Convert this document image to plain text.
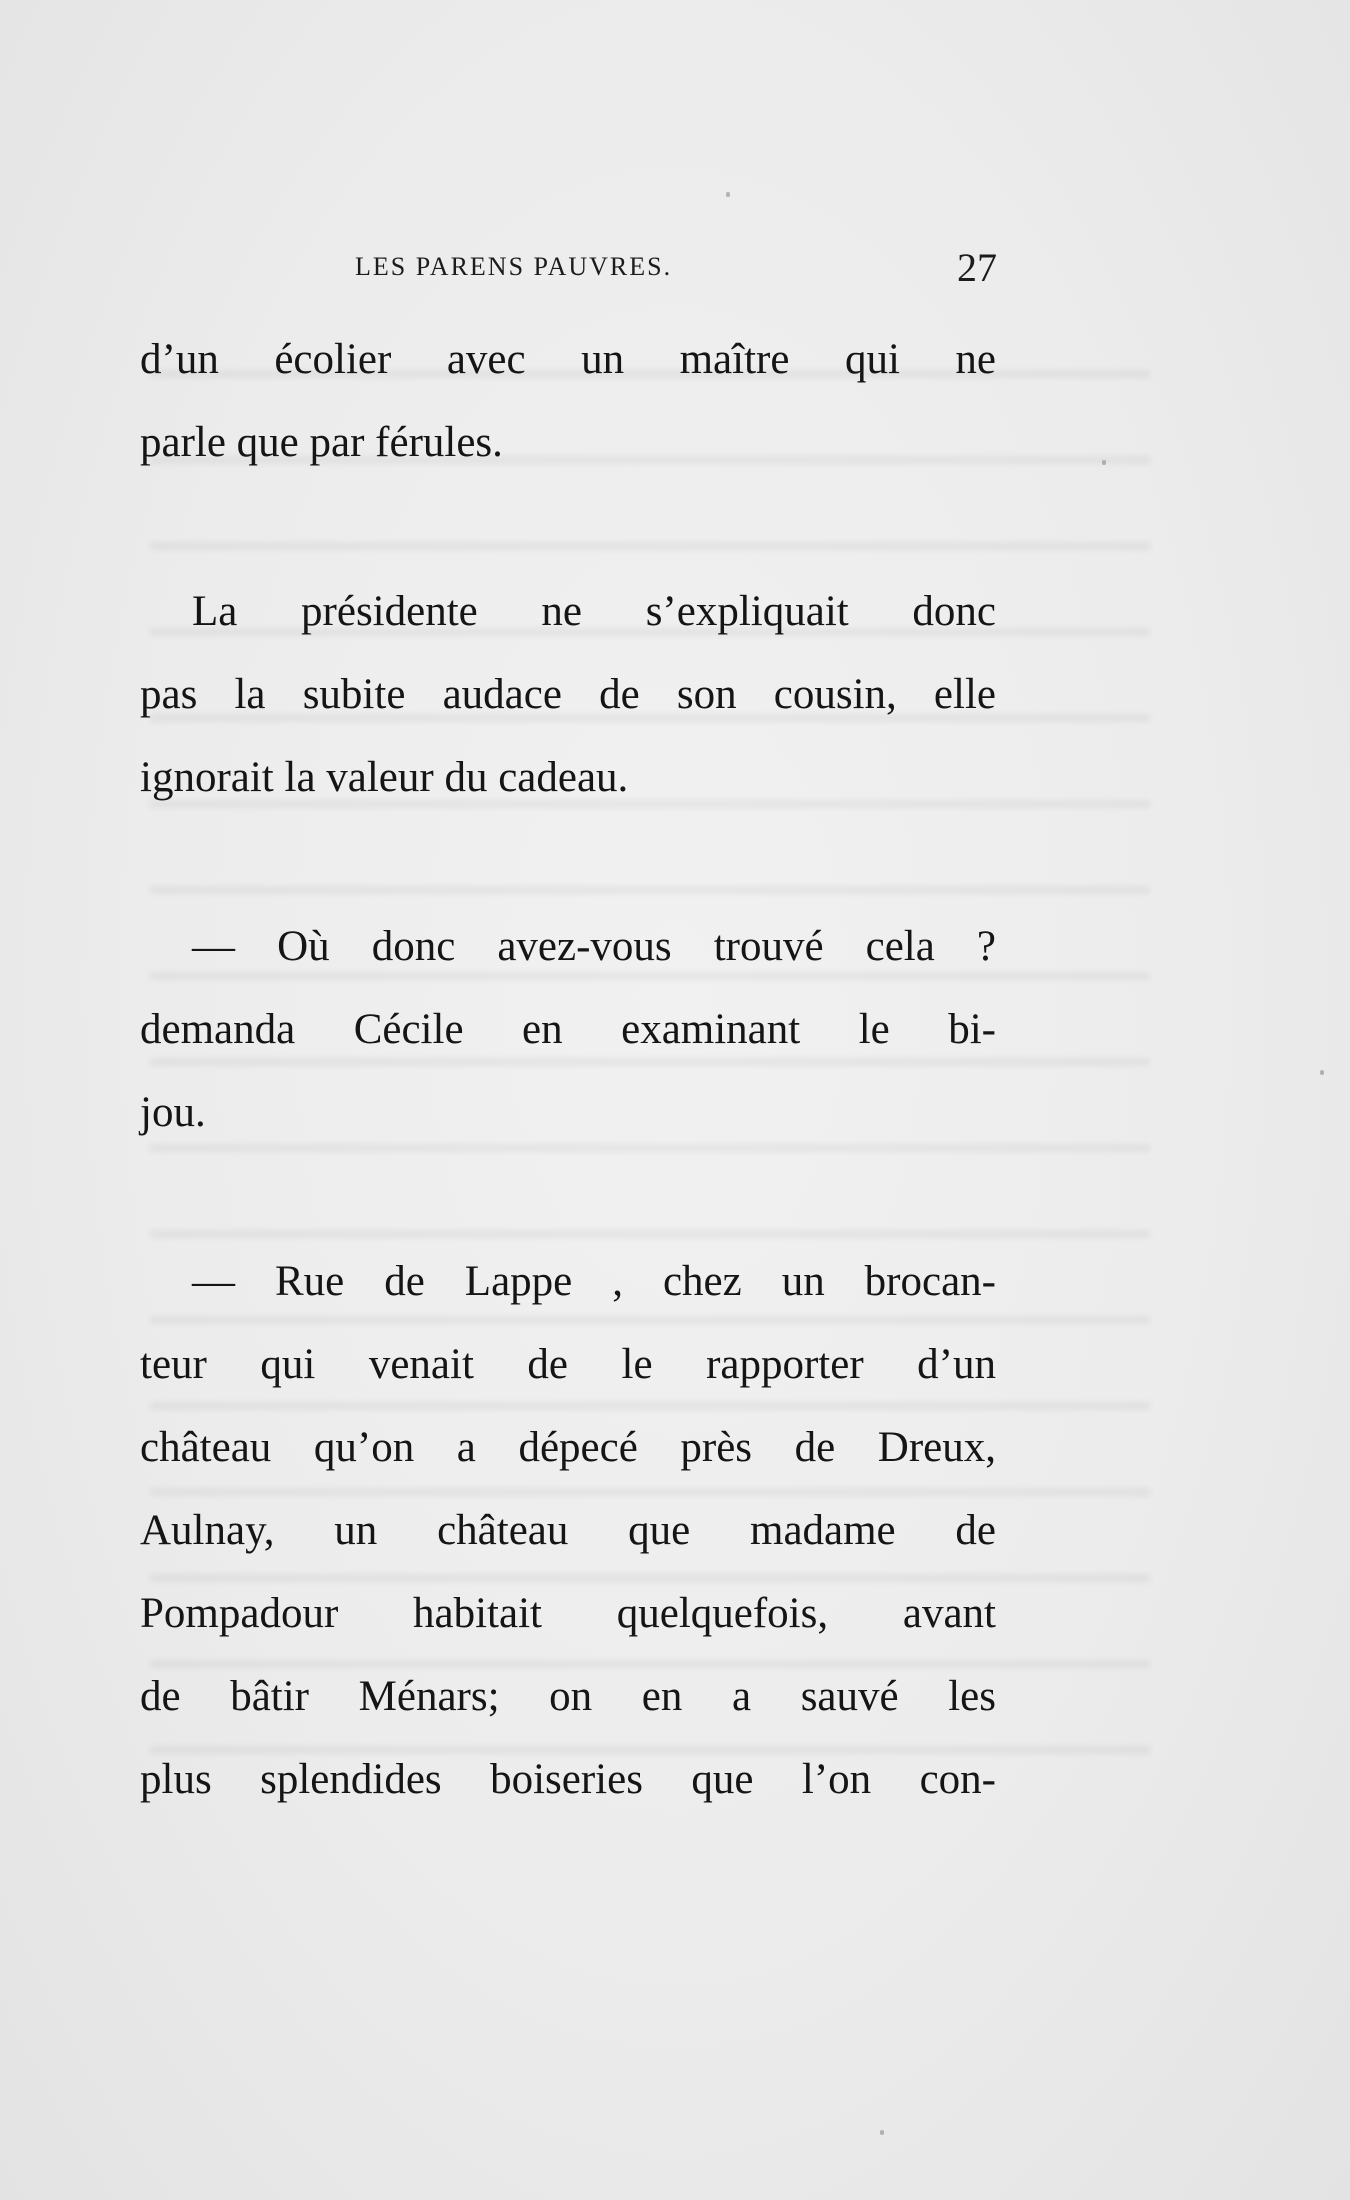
LES PARENS PAUVRES.	27
d’un écolier avec un maître qui ne
parle que par férules.
La présidente ne s’expliquait donc
pas la subite audace de son cousin, elle
ignorait la valeur du cadeau.
— Où donc avez-vous trouvé cela ?
demanda Cécile en examinant le bi-
jou.
— Rue de Lappe , chez un brocan-
teur qui venait de le rapporter d’un
château qu’on a dépecé près de Dreux,
Aulnay, un château que madame de
Pompadour habitait quelquefois, avant
de bâtir Ménars; on en a sauvé les
plus splendides boiseries que l’on con-
